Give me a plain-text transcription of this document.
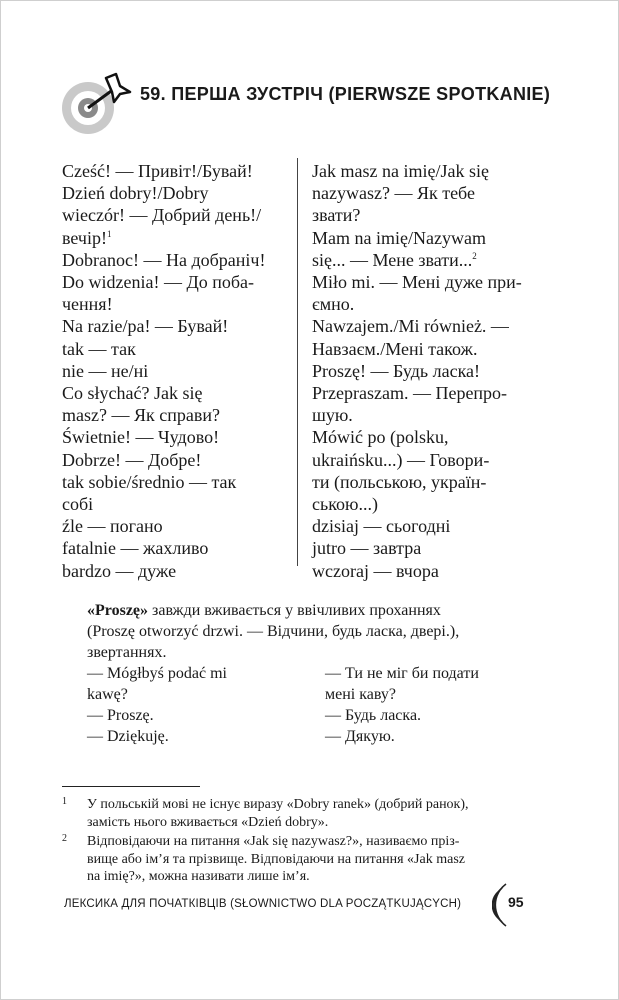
59. ПЕРША ЗУСТРІЧ (PIERWSZE SPOTKANIE)
Cześć! — Привіт!/Бувай!
Dzień dobry!/Dobry
wieczór! — Добрий день!/
вечір!$^1$
Dobranoc! — На добраніч!
Do widzenia! — До поба-
чення!
Na razie/pa! — Бувай!
tak — так
nie — не/ні
Co słychać? Jak się
masz? — Як справи?
Świetnie! — Чудово!
Dobrze! — Добре!
tak sobie/średnio — так
собі
źle — погано
fatalnie — жахливо
bardzo — дуже
Jak masz na imię/Jak się
nazywasz? — Як тебе
звати?
Mam na imię/Nazywam
się... — Мене звати...$^2$
Miło mi. — Мені дуже при-
ємно.
Nawzajem./Mi również. —
Навзаєм./Мені також.
Proszę! — Будь ласка!
Przepraszam. — Перепро-
шую.
Mówić po (polsku,
ukraińsku...) — Говори-
ти (польською, україн-
ською...)
dzisiaj — сьогодні
jutro — завтра
wczoraj — вчора
«Proszę» завжди вживається у ввічливих проханнях
(Proszę otworzyć drzwi. — Відчини, будь ласка, двері.),
звертаннях.
— Mógłbyś podać mi
kawę?
— Proszę.
— Dziękuję.
— Ти не міг би подати
мені каву?
— Будь ласка.
— Дякую.
1 У польській мові не існує виразу «Dobry ranek» (добрий ранок),
замість нього вживається «Dzień dobry».
2 Відповідаючи на питання «Jak się nazywasz?», називаємо пріз-
вище або ім’я та прізвище. Відповідаючи на питання «Jak masz
na imię?», можна називати лише ім’я.
ЛЕКСИКА ДЛЯ ПОЧАТКІВЦІВ (SŁOWNICTWO DLA POCZĄTKUJĄCYCH)	95
